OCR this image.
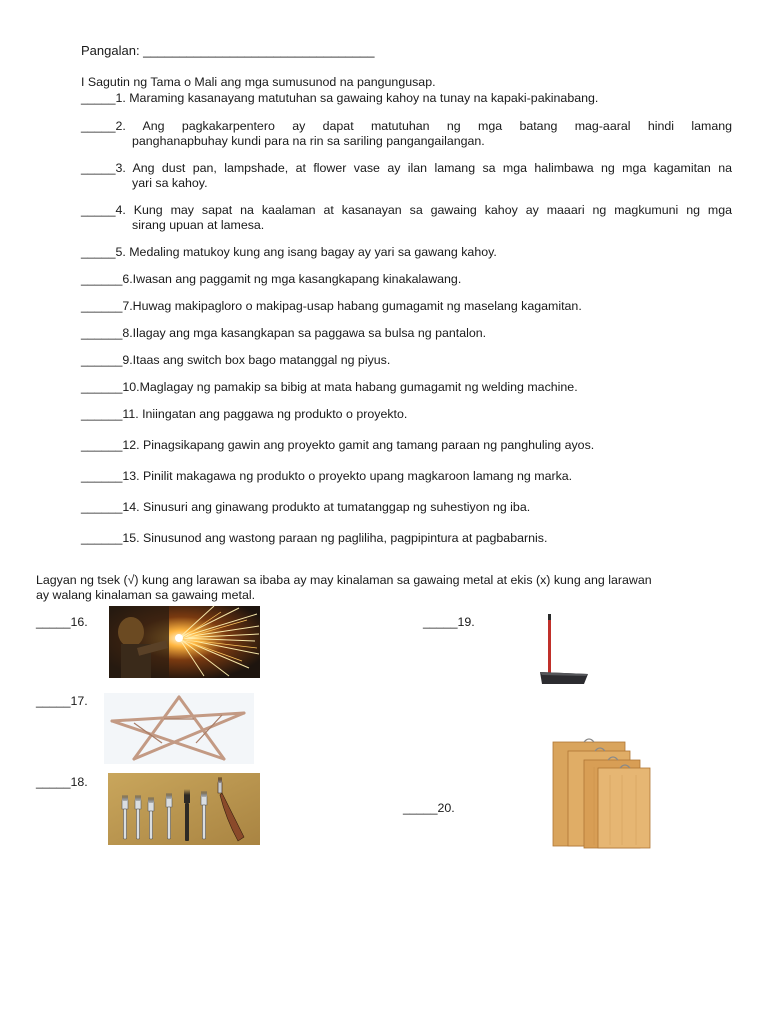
Pangalan: ________________________________
I Sagutin ng Tama o Mali ang mga sumusunod na pangungusap.
_____1. Maraming kasanayang matutuhan sa gawaing kahoy na tunay na kapaki-pakinabang.
_____2. Ang pagkakarpentero ay dapat matutuhan ng mga batang mag-aaral hindi lamang
panghanapbuhay kundi para na rin sa sariling pangangailangan.
_____3. Ang dust pan, lampshade, at flower vase ay ilan lamang sa mga halimbawa ng mga kagamitan na
yari sa kahoy.
_____4. Kung may sapat na kaalaman at kasanayan sa gawaing kahoy ay maaari ng magkumuni ng mga
sirang upuan at lamesa.
_____5. Medaling matukoy kung ang isang bagay ay yari sa gawang kahoy.
______6.Iwasan ang paggamit ng mga kasangkapang kinakalawang.
______7.Huwag makipagloro o makipag-usap habang gumagamit ng maselang kagamitan.
______8.Ilagay ang mga kasangkapan sa paggawa sa bulsa ng pantalon.
______9.Itaas ang switch box bago matanggal ng piyus.
______10.Maglagay ng pamakip sa bibig at mata habang gumagamit ng welding machine.
______11. Iniingatan ang paggawa ng produkto o proyekto.
______12. Pinagsikapang gawin ang proyekto gamit ang tamang paraan ng panghuling ayos.
______13. Pinilit makagawa ng produkto o proyekto upang magkaroon lamang ng marka.
______14. Sinusuri ang ginawang produkto at tumatanggap ng suhestiyon ng iba.
______15. Sinusunod ang wastong paraan ng pagliliha, pagpipintura at pagbabarnis.
Lagyan ng tsek (√) kung ang larawan sa ibaba ay may kinalaman sa gawaing metal at ekis (x) kung ang larawan
ay walang kinalaman sa gawaing metal.
_____16.
_____17.
_____18.
_____19.
_____20.
